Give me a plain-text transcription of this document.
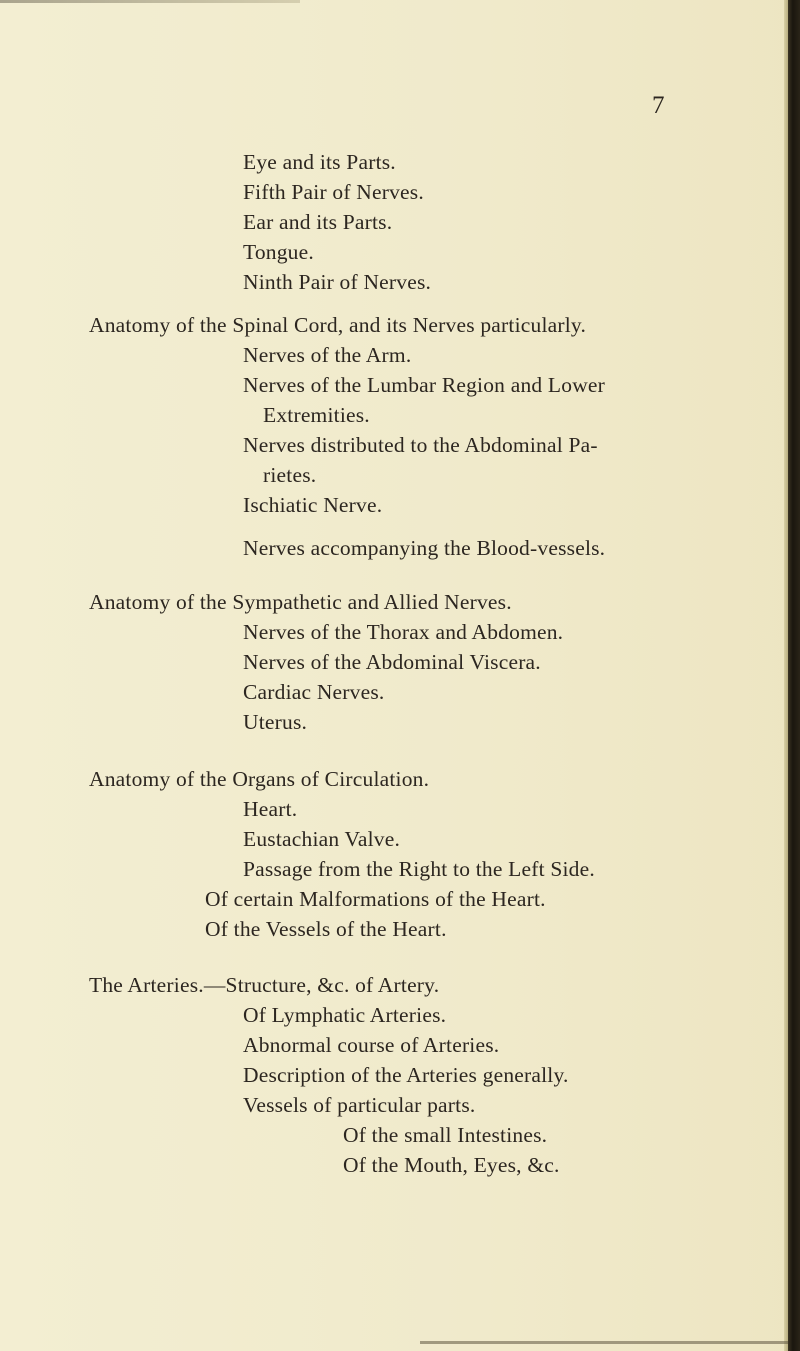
7
Eye and its Parts.
Fifth Pair of Nerves.
Ear and its Parts.
Tongue.
Ninth Pair of Nerves.
Anatomy of the Spinal Cord, and its Nerves particularly.
Nerves of the Arm.
Nerves of the Lumbar Region and Lower
Extremities.
Nerves distributed to the Abdominal Pa-
rietes.
Ischiatic Nerve.
Nerves accompanying the Blood-vessels.
Anatomy of the Sympathetic and Allied Nerves.
Nerves of the Thorax and Abdomen.
Nerves of the Abdominal Viscera.
Cardiac Nerves.
Uterus.
Anatomy of the Organs of Circulation.
Heart.
Eustachian Valve.
Passage from the Right to the Left Side.
Of certain Malformations of the Heart.
Of the Vessels of the Heart.
The Arteries.—Structure, &c. of Artery.
Of Lymphatic Arteries.
Abnormal course of Arteries.
Description of the Arteries generally.
Vessels of particular parts.
Of the small Intestines.
Of the Mouth, Eyes, &c.
